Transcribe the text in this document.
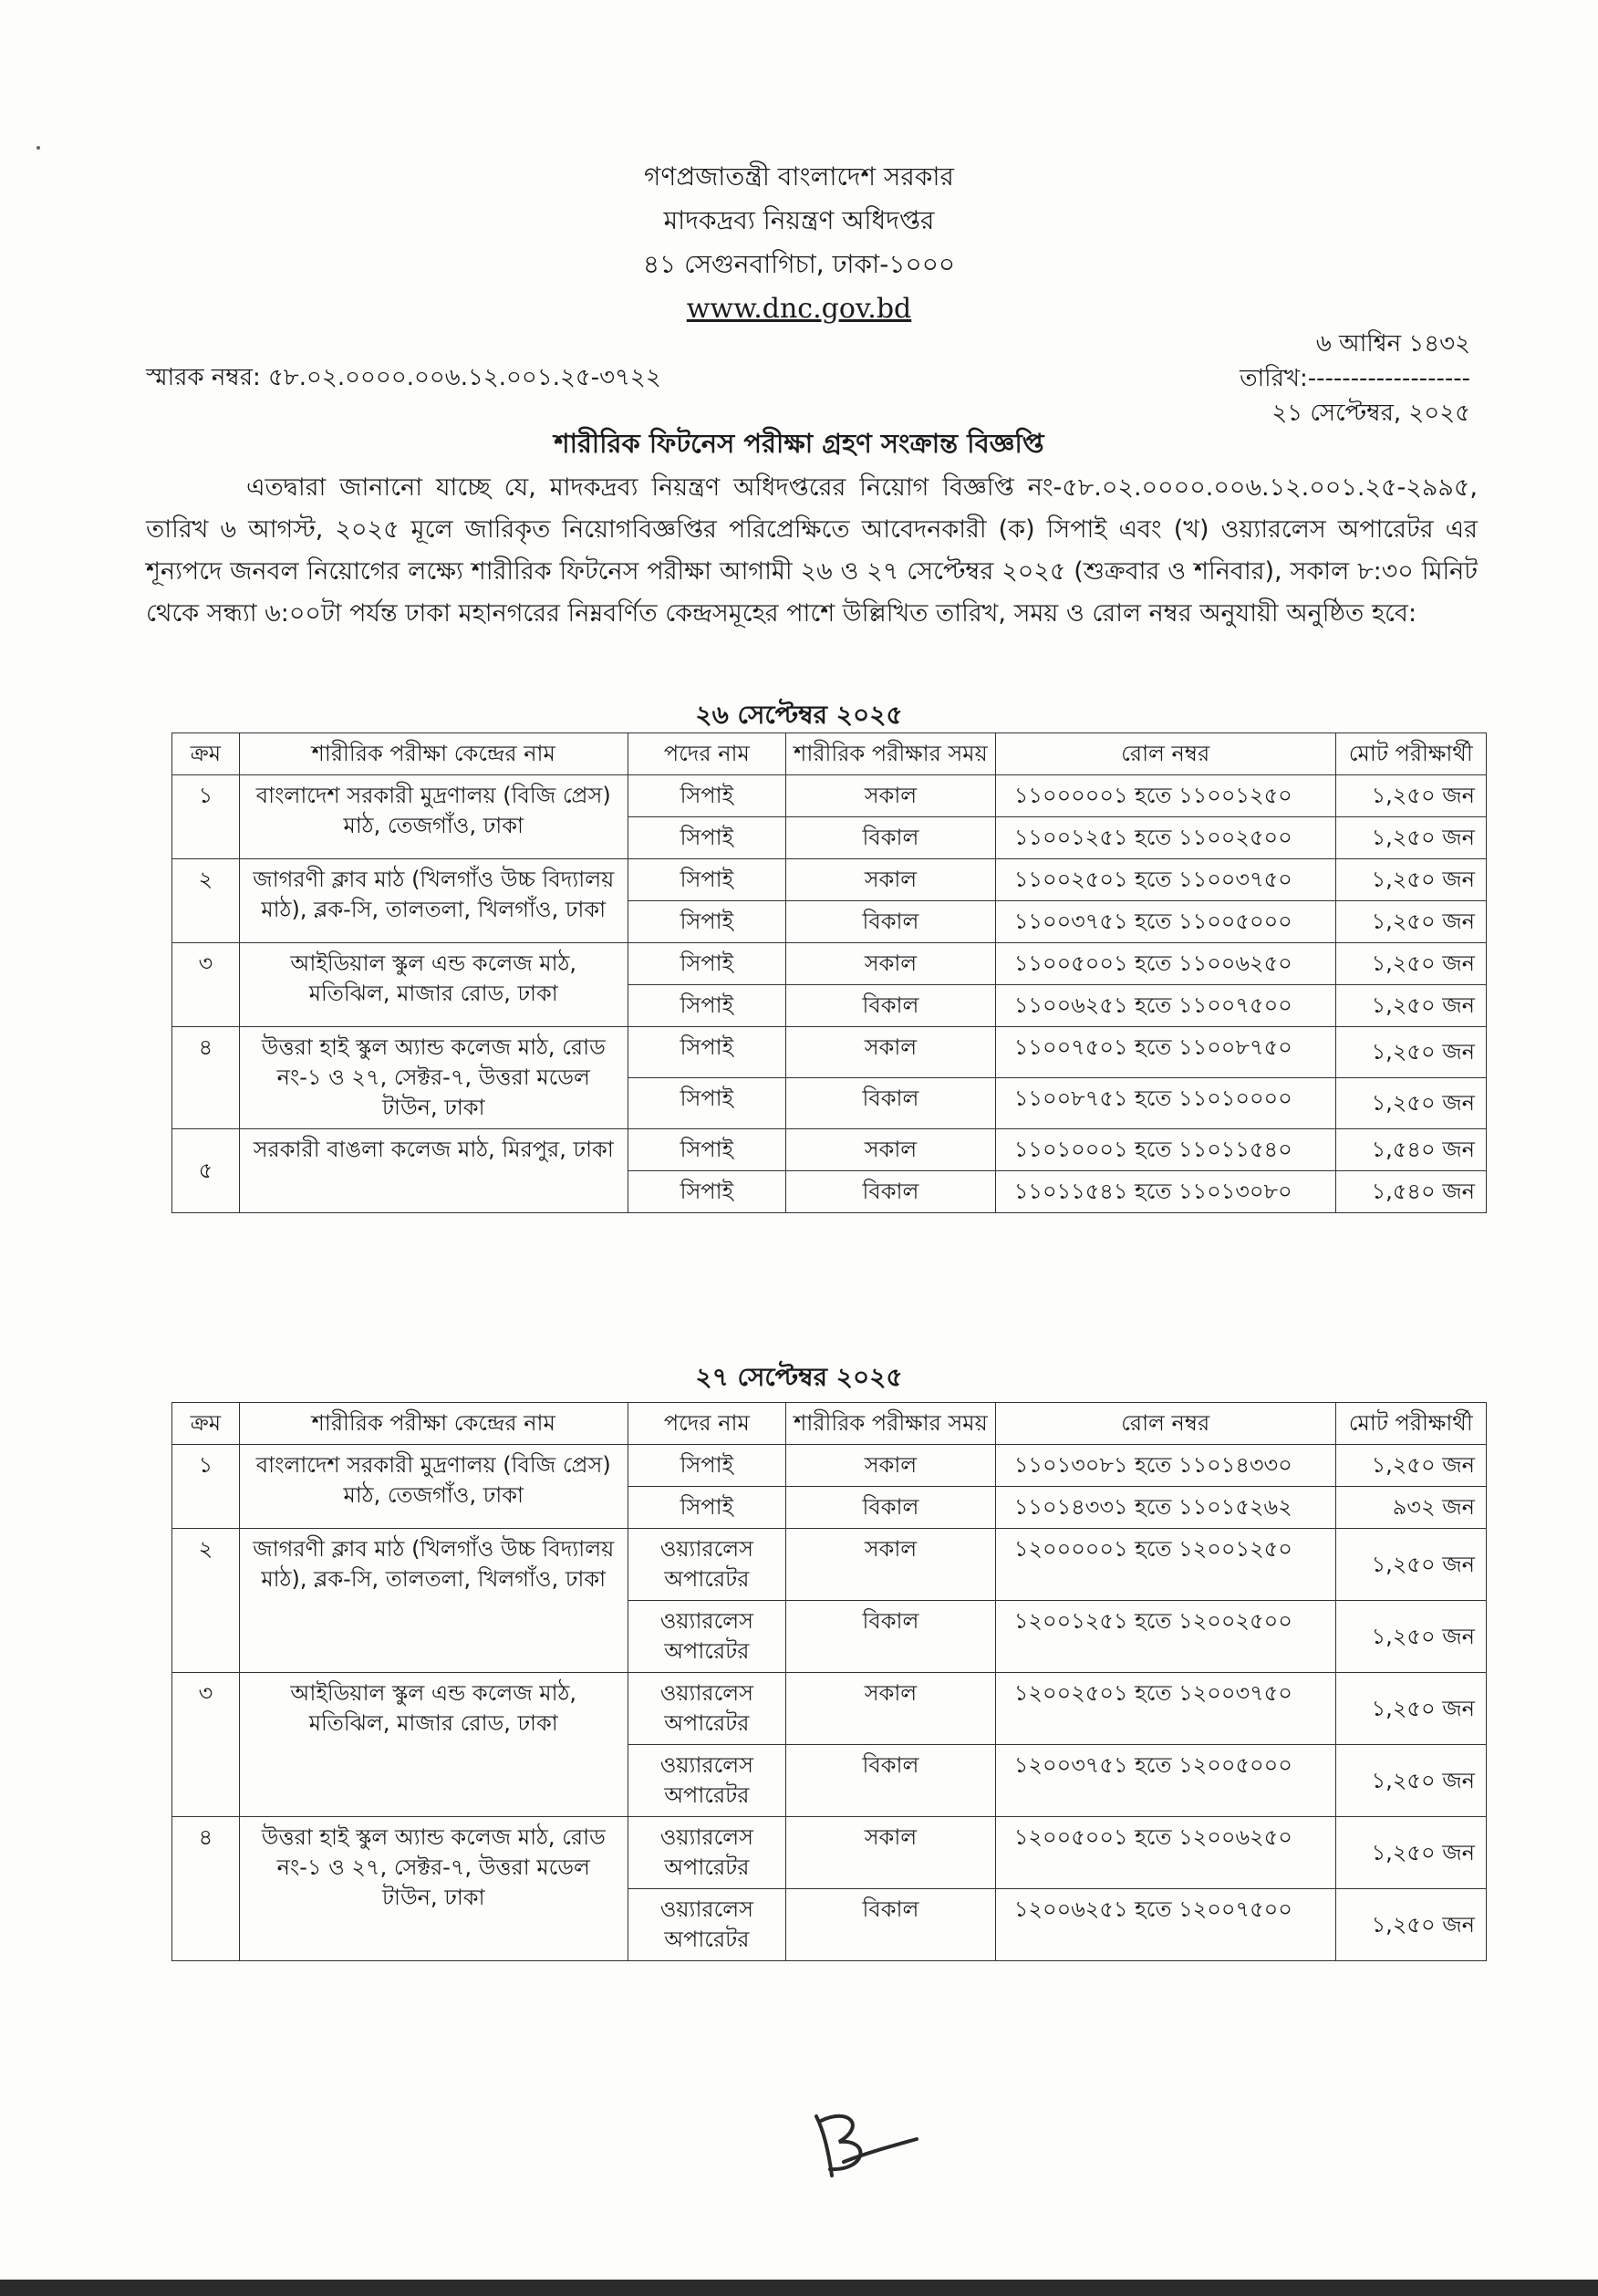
গণপ্রজাতন্ত্রী বাংলাদেশ সরকার
মাদকদ্রব্য নিয়ন্ত্রণ অধিদপ্তর
৪১ সেগুনবাগিচা, ঢাকা-১০০০
www.dnc.gov.bd
স্মারক নম্বর: ৫৮.০২.০০০০.০০৬.১২.০০১.২৫-৩৭২২
৬ আশ্বিন ১৪৩২
তারিখ:-------------------
২১ সেপ্টেম্বর, ২০২৫
শারীরিক ফিটনেস পরীক্ষা গ্রহণ সংক্রান্ত বিজ্ঞপ্তি
এতদ্বারা জানানো যাচ্ছে যে, মাদকদ্রব্য নিয়ন্ত্রণ অধিদপ্তরের নিয়োগ বিজ্ঞপ্তি নং-৫৮.০২.০০০০.০০৬.১২.০০১.২৫-২৯৯৫, তারিখ ৬ আগস্ট, ২০২৫ মূলে জারিকৃত নিয়োগবিজ্ঞপ্তির পরিপ্রেক্ষিতে আবেদনকারী (ক) সিপাই এবং (খ) ওয়্যারলেস অপারেটর এর শূন্যপদে জনবল নিয়োগের লক্ষ্যে শারীরিক ফিটনেস পরীক্ষা আগামী ২৬ ও ২৭ সেপ্টেম্বর ২০২৫ (শুক্রবার ও শনিবার), সকাল ৮:৩০ মিনিট থেকে সন্ধ্যা ৬:০০টা পর্যন্ত ঢাকা মহানগরের নিম্নবর্ণিত কেন্দ্রসমূহের পাশে উল্লিখিত তারিখ, সময় ও রোল নম্বর অনুযায়ী অনুষ্ঠিত হবে:
২৬ সেপ্টেম্বর ২০২৫
ক্রম	শারীরিক পরীক্ষা কেন্দ্রের নাম	পদের নাম	শারীরিক পরীক্ষার সময়	রোল নম্বর	মোট পরীক্ষার্থী
১	বাংলাদেশ সরকারী মুদ্রণালয় (বিজি প্রেস) মাঠ, তেজগাঁও, ঢাকা	সিপাই	সকাল	১১০০০০০১ হতে ১১০০১২৫০	১,২৫০ জন
		সিপাই	বিকাল	১১০০১২৫১ হতে ১১০০২৫০০	১,২৫০ জন
২	জাগরণী ক্লাব মাঠ (খিলগাঁও উচ্চ বিদ্যালয় মাঠ), ব্লক-সি, তালতলা, খিলগাঁও, ঢাকা	সিপাই	সকাল	১১০০২৫০১ হতে ১১০০৩৭৫০	১,২৫০ জন
		সিপাই	বিকাল	১১০০৩৭৫১ হতে ১১০০৫০০০	১,২৫০ জন
৩	আইডিয়াল স্কুল এন্ড কলেজ মাঠ, মতিঝিল, মাজার রোড, ঢাকা	সিপাই	সকাল	১১০০৫০০১ হতে ১১০০৬২৫০	১,২৫০ জন
		সিপাই	বিকাল	১১০০৬২৫১ হতে ১১০০৭৫০০	১,২৫০ জন
৪	উত্তরা হাই স্কুল অ্যান্ড কলেজ মাঠ, রোড নং-১ ও ২৭, সেক্টর-৭, উত্তরা মডেল টাউন, ঢাকা	সিপাই	সকাল	১১০০৭৫০১ হতে ১১০০৮৭৫০	১,২৫০ জন
		সিপাই	বিকাল	১১০০৮৭৫১ হতে ১১০১০০০০	১,২৫০ জন
৫	সরকারী বাঙলা কলেজ মাঠ, মিরপুর, ঢাকা	সিপাই	সকাল	১১০১০০০১ হতে ১১০১১৫৪০	১,৫৪০ জন
		সিপাই	বিকাল	১১০১১৫৪১ হতে ১১০১৩০৮০	১,৫৪০ জন
২৭ সেপ্টেম্বর ২০২৫
ক্রম	শারীরিক পরীক্ষা কেন্দ্রের নাম	পদের নাম	শারীরিক পরীক্ষার সময়	রোল নম্বর	মোট পরীক্ষার্থী
১	বাংলাদেশ সরকারী মুদ্রণালয় (বিজি প্রেস) মাঠ, তেজগাঁও, ঢাকা	সিপাই	সকাল	১১০১৩০৮১ হতে ১১০১৪৩৩০	১,২৫০ জন
		সিপাই	বিকাল	১১০১৪৩৩১ হতে ১১০১৫২৬২	৯৩২ জন
২	জাগরণী ক্লাব মাঠ (খিলগাঁও উচ্চ বিদ্যালয় মাঠ), ব্লক-সি, তালতলা, খিলগাঁও, ঢাকা	ওয়্যারলেস অপারেটর	সকাল	১২০০০০০১ হতে ১২০০১২৫০	১,২৫০ জন
		ওয়্যারলেস অপারেটর	বিকাল	১২০০১২৫১ হতে ১২০০২৫০০	১,২৫০ জন
৩	আইডিয়াল স্কুল এন্ড কলেজ মাঠ, মতিঝিল, মাজার রোড, ঢাকা	ওয়্যারলেস অপারেটর	সকাল	১২০০২৫০১ হতে ১২০০৩৭৫০	১,২৫০ জন
		ওয়্যারলেস অপারেটর	বিকাল	১২০০৩৭৫১ হতে ১২০০৫০০০	১,২৫০ জন
৪	উত্তরা হাই স্কুল অ্যান্ড কলেজ মাঠ, রোড নং-১ ও ২৭, সেক্টর-৭, উত্তরা মডেল টাউন, ঢাকা	ওয়্যারলেস অপারেটর	সকাল	১২০০৫০০১ হতে ১২০০৬২৫০	১,২৫০ জন
		ওয়্যারলেস অপারেটর	বিকাল	১২০০৬২৫১ হতে ১২০০৭৫০০	১,২৫০ জন
